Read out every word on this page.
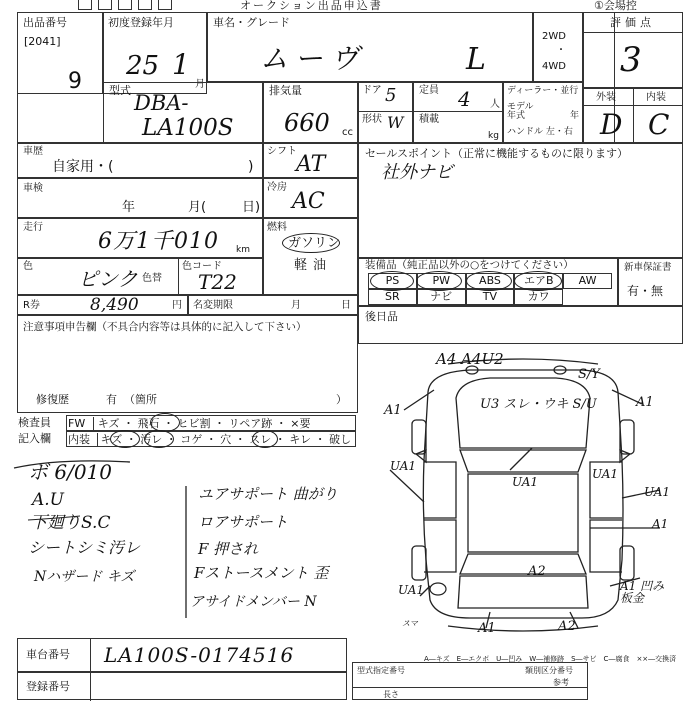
オークション出品申込書	①会場控
出品番号
[2041]
9
初度登録年月
25 1
月
車名・グレード
ムーヴ	L
2WD
・
4WD
評価点
3
外装	内装
D C
型式
DBA-
LA100S
排気量
660 cc
ドア 5
形状 W
定員 4 人
積載
kg
ディーラー・並行
モデル年式	年
ハンドル 左・右
車歴
自家用・(	)
シフト
AT
車検
年	月(	日)
冷房
AC
走行
6万1千010 km
燃料
ガソリン
軽油
色
ピンク 色替
色コード
T22
R券	8,490	円 名変期限	月	日
注意事項申告欄（不具合内容等は具体的に記入して下さい）
修復歴	有 （箇所	）
セールスポイント（正常に機能するものに限ります）
社外ナビ
装備品（純正品以外の○をつけてください）
PS	PW	ABS	エアB	AW
SR	ナビ	TV	カワ
新車保証書
有・無
後日品
検査員
記入欄
FW キズ ・ 飛石 ・ ヒビ割 ・ リペア跡 ・ ×要
内装 キズ ・ 汚レ ・ コゲ ・ 穴 ・ スレ ・ キレ ・ 破し
ボ 6/010
A.U
下廻りS.C
シートシミ汚レ
Nハザード キズ
ユアサポート 曲がり
ロアサポート
F 押され
Fストースメント 歪
アサイドメンバー N
A4 A4U2
S/Y
U3 スレ・ウキ S/U
A1
A1
UA1
UA1
UA1
UA1
A1
A2
UA1
スマ
A1 凹み板金
A1	A2
A―キズ　E―エクボ　U―凹み　W―補修跡　S―サビ　C―腐食　××―交換済
車台番号 LA100S-0174516
登録番号
型式指定番号	類別区分番号
参考
長さ
